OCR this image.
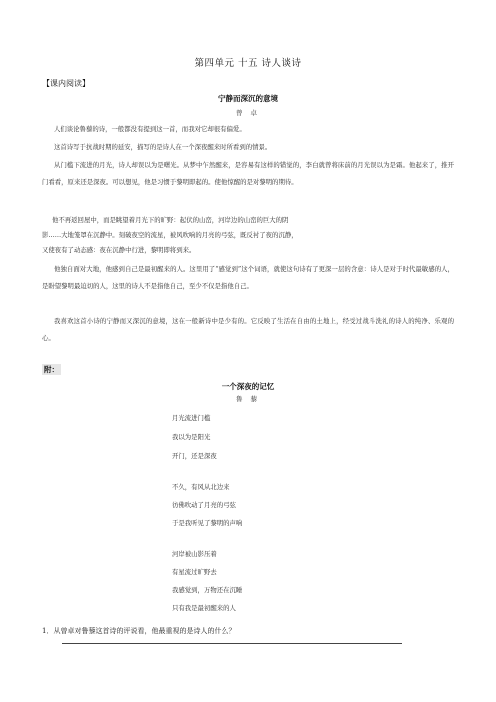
第四单元 十五 诗人谈诗
【课内阅读】
宁静而深沉的意境
曾 卓
人们谈论鲁藜的诗，一般都没有提到这一首，而我对它却很有偏爱。
这首诗写于抗战时期的延安，描写的是诗人在一个深夜醒来时所看到的情景。
从门槛下流进的月光，诗人却误以为是曙光。从梦中乍然醒来，是容易有这样的错觉的，李白就曾将床前的月光误以为是霜。他起来了，推开门看看，原来还是深夜。可以想见，他是习惯于黎明即起的。使他惊醒的是对黎明的期待。
他不再返回屋中，而是眺望着月光下的旷野：起伏的山峦，河岸边的山峦的巨大的阴
影……大地笼罩在沉静中。刻破夜空的流星，被风吹响的月亮的弓弦，既反衬了夜的沉静，
又使夜有了动态感：夜在沉静中行进，黎明即将到来。
他独自面对大地，他感到自己是最初醒来的人。这里用了“感觉到”这个词语，就使这句诗有了更深一层的含意：诗人是对于时代最敏感的人，是盼望黎明最迫切的人，这里的诗人不是指他自己，至少不仅是指他自己。
我喜欢这首小诗的宁静而又深沉的意境，这在一般新诗中是少有的。它反映了生活在自由的土地上，经受过战斗洗礼的诗人的纯净、乐观的心。
附：
一个深夜的记忆
鲁 藜
月光流进门槛
我以为是阳光
开门，还是深夜
不久，有风从北边来
彷佛吹动了月亮的弓弦
于是我听见了黎明的声响
河岸被山影压着
有星流过旷野去
我感觉到，万物还在沉睡
只有我是最初醒来的人
1．从曾卓对鲁藜这首诗的评说看，他最重视的是诗人的什么？
